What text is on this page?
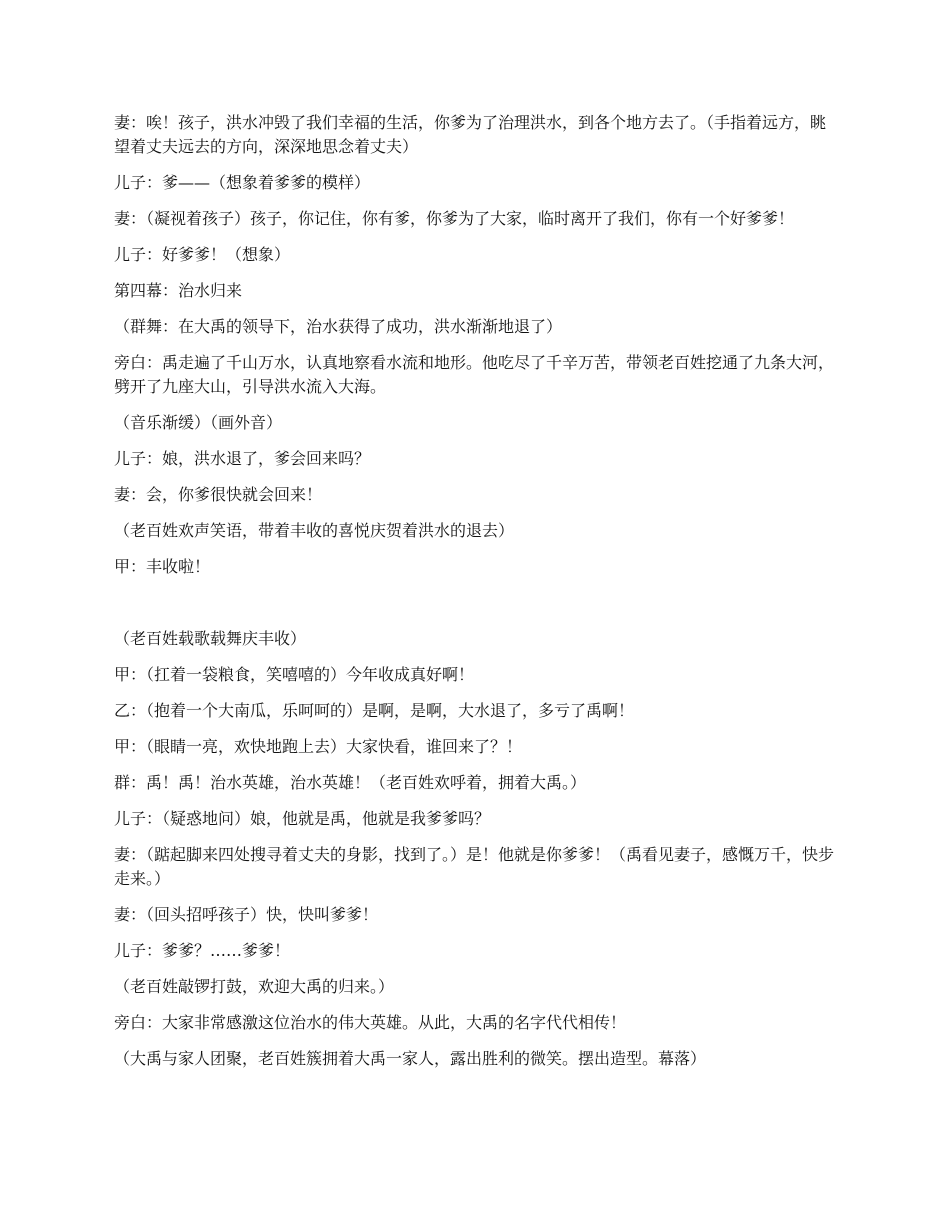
妻：唉！孩子，洪水冲毁了我们幸福的生活，你爹为了治理洪水，到各个地方去了。（手指着远方，眺望着丈夫远去的方向，深深地思念着丈夫）

儿子：爹——（想象着爹爹的模样）

妻：（凝视着孩子）孩子，你记住，你有爹，你爹为了大家，临时离开了我们，你有一个好爹爹！

儿子：好爹爹！（想象）

第四幕：治水归来

（群舞：在大禹的领导下，治水获得了成功，洪水渐渐地退了）

旁白：禹走遍了千山万水，认真地察看水流和地形。他吃尽了千辛万苦，带领老百姓挖通了九条大河，劈开了九座大山，引导洪水流入大海。

（音乐渐缓）（画外音）

儿子：娘，洪水退了，爹会回来吗？

妻：会，你爹很快就会回来！

（老百姓欢声笑语，带着丰收的喜悦庆贺着洪水的退去）

甲：丰收啦！

（老百姓载歌载舞庆丰收）

甲：（扛着一袋粮食，笑嘻嘻的）今年收成真好啊！

乙：（抱着一个大南瓜，乐呵呵的）是啊，是啊，大水退了，多亏了禹啊！

甲：（眼睛一亮，欢快地跑上去）大家快看，谁回来了？！

群：禹！禹！治水英雄，治水英雄！（老百姓欢呼着，拥着大禹。）

儿子：（疑惑地问）娘，他就是禹，他就是我爹爹吗？

妻：（踮起脚来四处搜寻着丈夫的身影，找到了。）是！他就是你爹爹！（禹看见妻子，感慨万千，快步走来。）

妻：（回头招呼孩子）快，快叫爹爹！

儿子：爹爹？……爹爹！

（老百姓敲锣打鼓，欢迎大禹的归来。）

旁白：大家非常感激这位治水的伟大英雄。从此，大禹的名字代代相传！

（大禹与家人团聚，老百姓簇拥着大禹一家人，露出胜利的微笑。摆出造型。幕落）
